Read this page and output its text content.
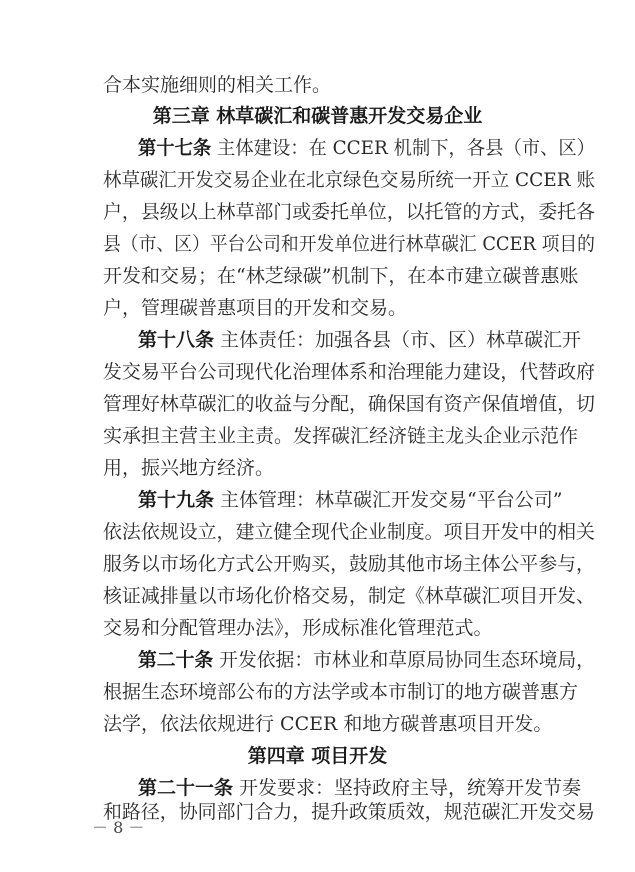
合本实施细则的相关工作。
第三章 林草碳汇和碳普惠开发交易企业
第十七条 主体建设：在 CCER 机制下，各县（市、区）
林草碳汇开发交易企业在北京绿色交易所统一开立 CCER 账
户，县级以上林草部门或委托单位，以托管的方式，委托各
县（市、区）平台公司和开发单位进行林草碳汇 CCER 项目的
开发和交易；在“林芝绿碳”机制下，在本市建立碳普惠账
户，管理碳普惠项目的开发和交易。
第十八条 主体责任：加强各县（市、区）林草碳汇开
发交易平台公司现代化治理体系和治理能力建设，代替政府
管理好林草碳汇的收益与分配，确保国有资产保值增值，切
实承担主营主业主责。发挥碳汇经济链主龙头企业示范作
用，振兴地方经济。
第十九条 主体管理：林草碳汇开发交易“平台公司”
依法依规设立，建立健全现代企业制度。项目开发中的相关
服务以市场化方式公开购买，鼓励其他市场主体公平参与，
核证减排量以市场化价格交易，制定《林草碳汇项目开发、
交易和分配管理办法》，形成标准化管理范式。
第二十条 开发依据：市林业和草原局协同生态环境局，
根据生态环境部公布的方法学或本市制订的地方碳普惠方
法学，依法依规进行 CCER 和地方碳普惠项目开发。
第四章 项目开发
第二十一条 开发要求：坚持政府主导，统筹开发节奏
和路径，协同部门合力，提升政策质效，规范碳汇开发交易
－ 8 －
